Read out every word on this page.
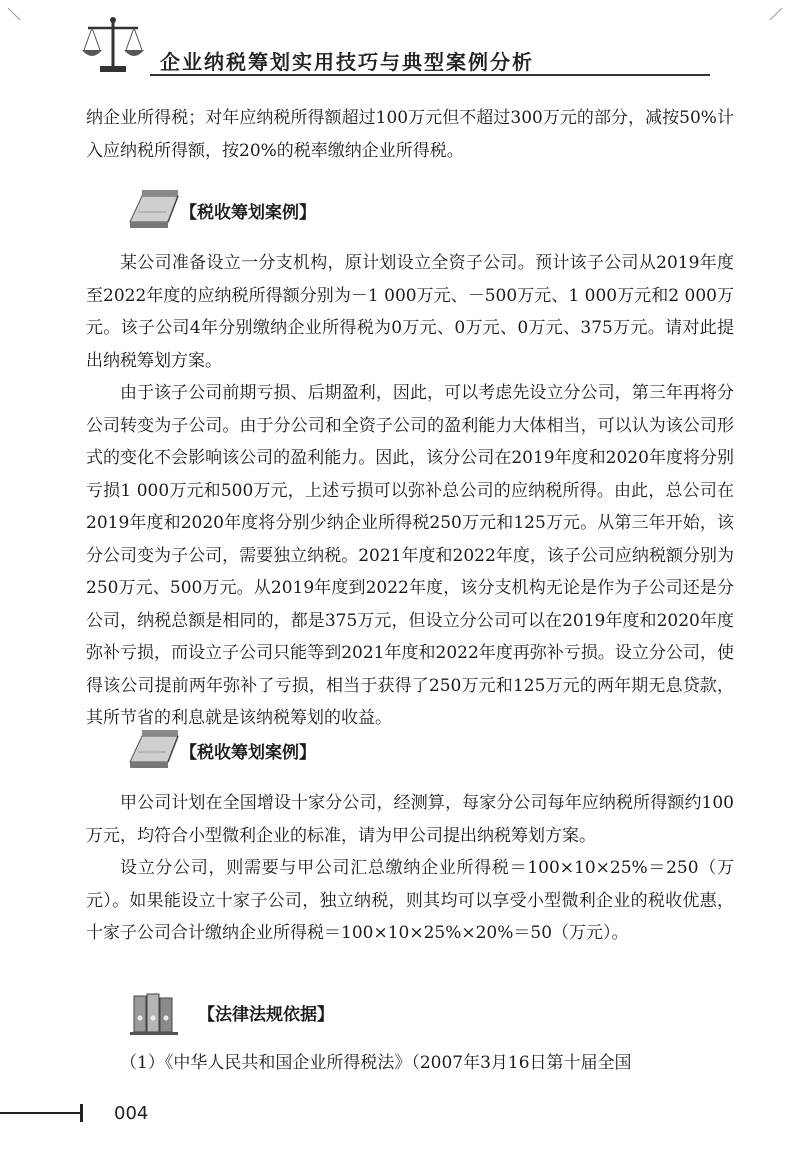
企业纳税筹划实用技巧与典型案例分析

纳企业所得税；对年应纳税所得额超过100万元但不超过300万元的部分，减按50%计入应纳税所得额，按20%的税率缴纳企业所得税。

【税收筹划案例】

某公司准备设立一分支机构，原计划设立全资子公司。预计该子公司从2019年度至2022年度的应纳税所得额分别为－1 000万元、－500万元、1 000万元和2 000万元。该子公司4年分别缴纳企业所得税为0万元、0万元、0万元、375万元。请对此提出纳税筹划方案。

由于该子公司前期亏损、后期盈利，因此，可以考虑先设立分公司，第三年再将分公司转变为子公司。由于分公司和全资子公司的盈利能力大体相当，可以认为该公司形式的变化不会影响该公司的盈利能力。因此，该分公司在2019年度和2020年度将分别亏损1 000万元和500万元，上述亏损可以弥补总公司的应纳税所得。由此，总公司在2019年度和2020年度将分别少纳企业所得税250万元和125万元。从第三年开始，该分公司变为子公司，需要独立纳税。2021年度和2022年度，该子公司应纳税额分别为250万元、500万元。从2019年度到2022年度，该分支机构无论是作为子公司还是分公司，纳税总额是相同的，都是375万元，但设立分公司可以在2019年度和2020年度弥补亏损，而设立子公司只能等到2021年度和2022年度再弥补亏损。设立分公司，使得该公司提前两年弥补了亏损，相当于获得了250万元和125万元的两年期无息贷款，其所节省的利息就是该纳税筹划的收益。

【税收筹划案例】

甲公司计划在全国增设十家分公司，经测算，每家分公司每年应纳税所得额约100万元，均符合小型微利企业的标准，请为甲公司提出纳税筹划方案。

设立分公司，则需要与甲公司汇总缴纳企业所得税＝100×10×25%＝250（万元）。如果能设立十家子公司，独立纳税，则其均可以享受小型微利企业的税收优惠，十家子公司合计缴纳企业所得税＝100×10×25%×20%＝50（万元）。

【法律法规依据】

（1）《中华人民共和国企业所得税法》（2007年3月16日第十届全国

004
